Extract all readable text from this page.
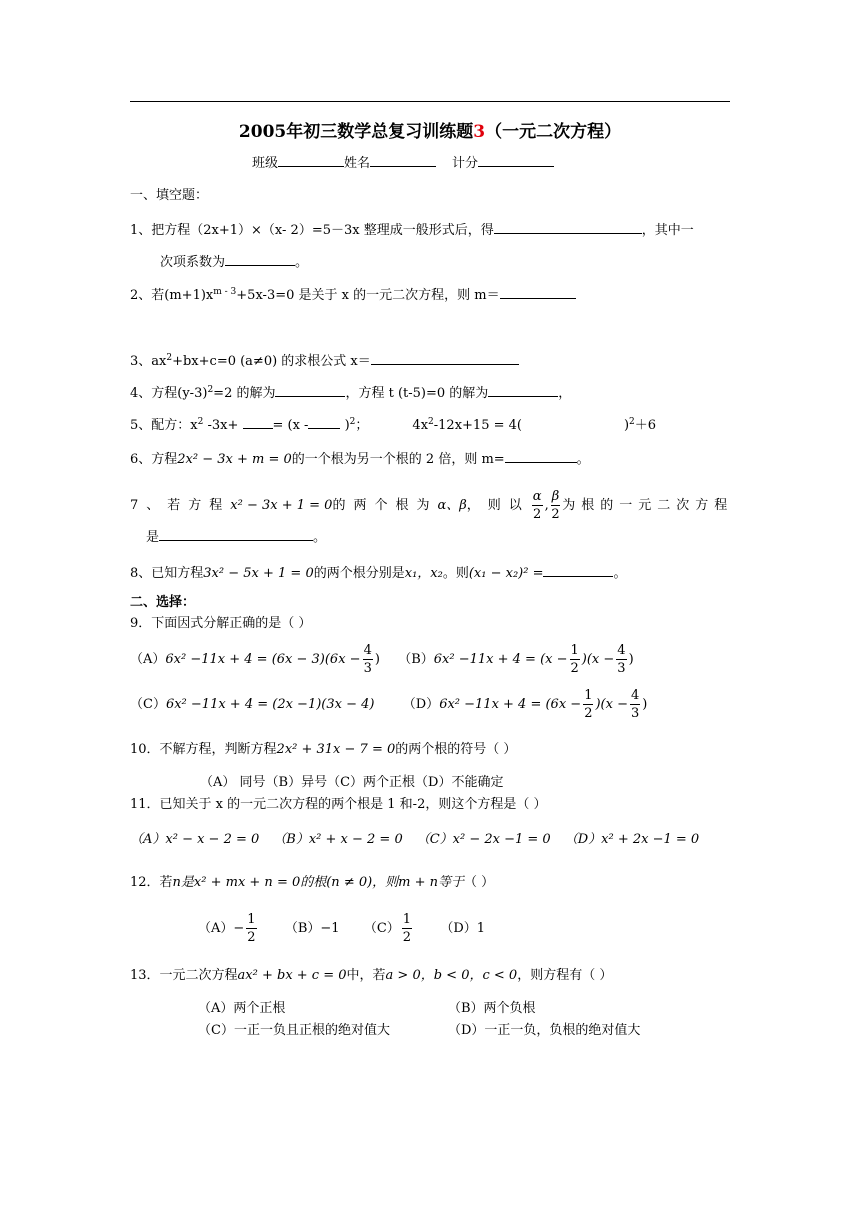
2005年初三数学总复习训练题3（一元二次方程）
班级	姓名	计分
一、填空题：
1、把方程（2x+1）×（x- 2）=5－3x 整理成一般形式后，得	，其中一
次项系数为	。
2、若$(m+1)x^{m - 3}+5x-3=0$ 是关于 x 的一元二次方程，则 m＝
3、$ax^2+bx+c=0$ (a≠0) 的求根公式 x＝
4、方程$(y-3)^2=2$ 的解为	，方程 t (t-5)=0 的解为	，
5、配方：$x^2$ -3x+ = (x - )$^2$；	$4x^2-12x+15 = 4$(	)$^2$＋6
6、方程2x² − 3x + m = 0的一个根为另一个根的 2 倍，则 m=	。
7、若方程x² − 3x + 1 = 0的两个根为α、β，则以 $\frac{\alpha}{2}$ , $\frac{\beta}{2}$ 为根的一元二次方程
是	。
8、已知方程3x² − 5x + 1 = 0的两个根分别是x₁，x₂。则(x₁ − x₂)² =	。
二、选择：
9．下面因式分解正确的是（ ）
$(A)6x^2 -11x + 4 = (6x - 3)(6x - \frac{4}{3}$ ) $(B)6x^2 -11x + 4 = (x - \frac{1}{2} )(x - \frac{4}{3}$ )
（C）6x² −11x + 4 = (2x −1)(3x − 4) $(D)6x^2 -11x + 4 = (6x - \frac{1}{2} )(x - \frac{4}{3}$ )
10．不解方程，判断方程2x² + 31x − 7 = 0的两个根的符号（ ）
（A） 同号（B）异号（C）两个正根（D）不能确定
11．已知关于 x 的一元二次方程的两个根是 1 和-2，则这个方程是（ ）
（A）x² − x − 2 = 0 （B）x² + x − 2 = 0 （C）x² − 2x −1 = 0 （D）x² + 2x −1 = 0
12．若n是x² + mx + n = 0的根(n ≠ 0)，则m + n等于（ ）
$(A)- \frac{1}{2} (B)-1$ $(C) \frac{1}{2} (D)1$
13．一元二次方程ax² + bx + c = 0中，若a > 0，b < 0，c < 0，则方程有（ ）
（A）两个正根	（B）两个负根
（C）一正一负且正根的绝对值大	（D）一正一负，负根的绝对值大
